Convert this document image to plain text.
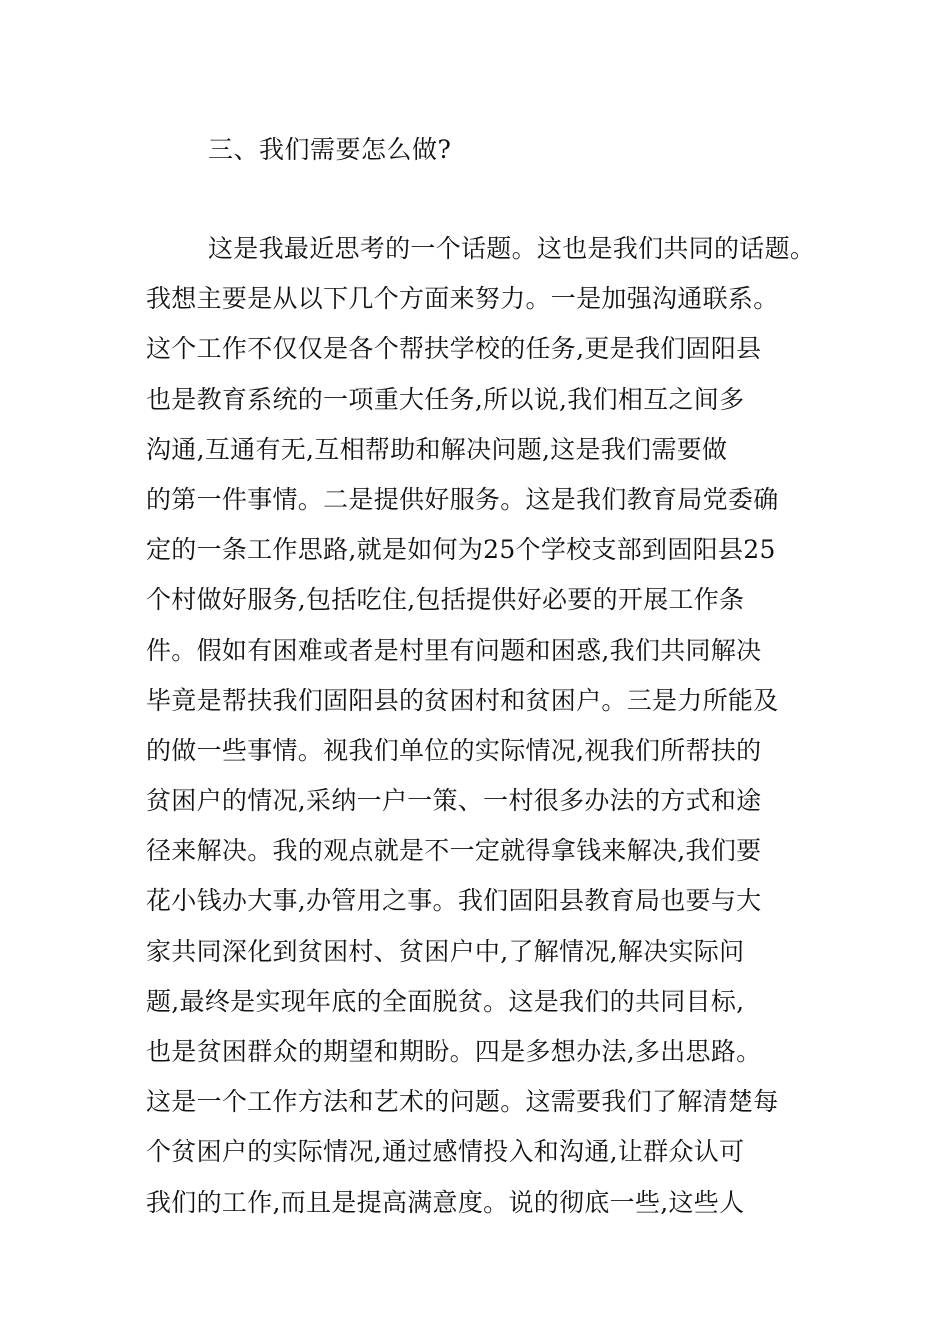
三、我们需要怎么做?
这是我最近思考的一个话题。这也是我们共同的话题。
我想主要是从以下几个方面来努力。一是加强沟通联系。
这个工作不仅仅是各个帮扶学校的任务,更是我们固阳县
也是教育系统的一项重大任务,所以说,我们相互之间多
沟通,互通有无,互相帮助和解决问题,这是我们需要做
的第一件事情。二是提供好服务。这是我们教育局党委确
定的一条工作思路,就是如何为25个学校支部到固阳县25
个村做好服务,包括吃住,包括提供好必要的开展工作条
件。假如有困难或者是村里有问题和困惑,我们共同解决
毕竟是帮扶我们固阳县的贫困村和贫困户。三是力所能及
的做一些事情。视我们单位的实际情况,视我们所帮扶的
贫困户的情况,采纳一户一策、一村很多办法的方式和途
径来解决。我的观点就是不一定就得拿钱来解决,我们要
花小钱办大事,办管用之事。我们固阳县教育局也要与大
家共同深化到贫困村、贫困户中,了解情况,解决实际问
题,最终是实现年底的全面脱贫。这是我们的共同目标,
也是贫困群众的期望和期盼。四是多想办法,多出思路。
这是一个工作方法和艺术的问题。这需要我们了解清楚每
个贫困户的实际情况,通过感情投入和沟通,让群众认可
我们的工作,而且是提高满意度。说的彻底一些,这些人
